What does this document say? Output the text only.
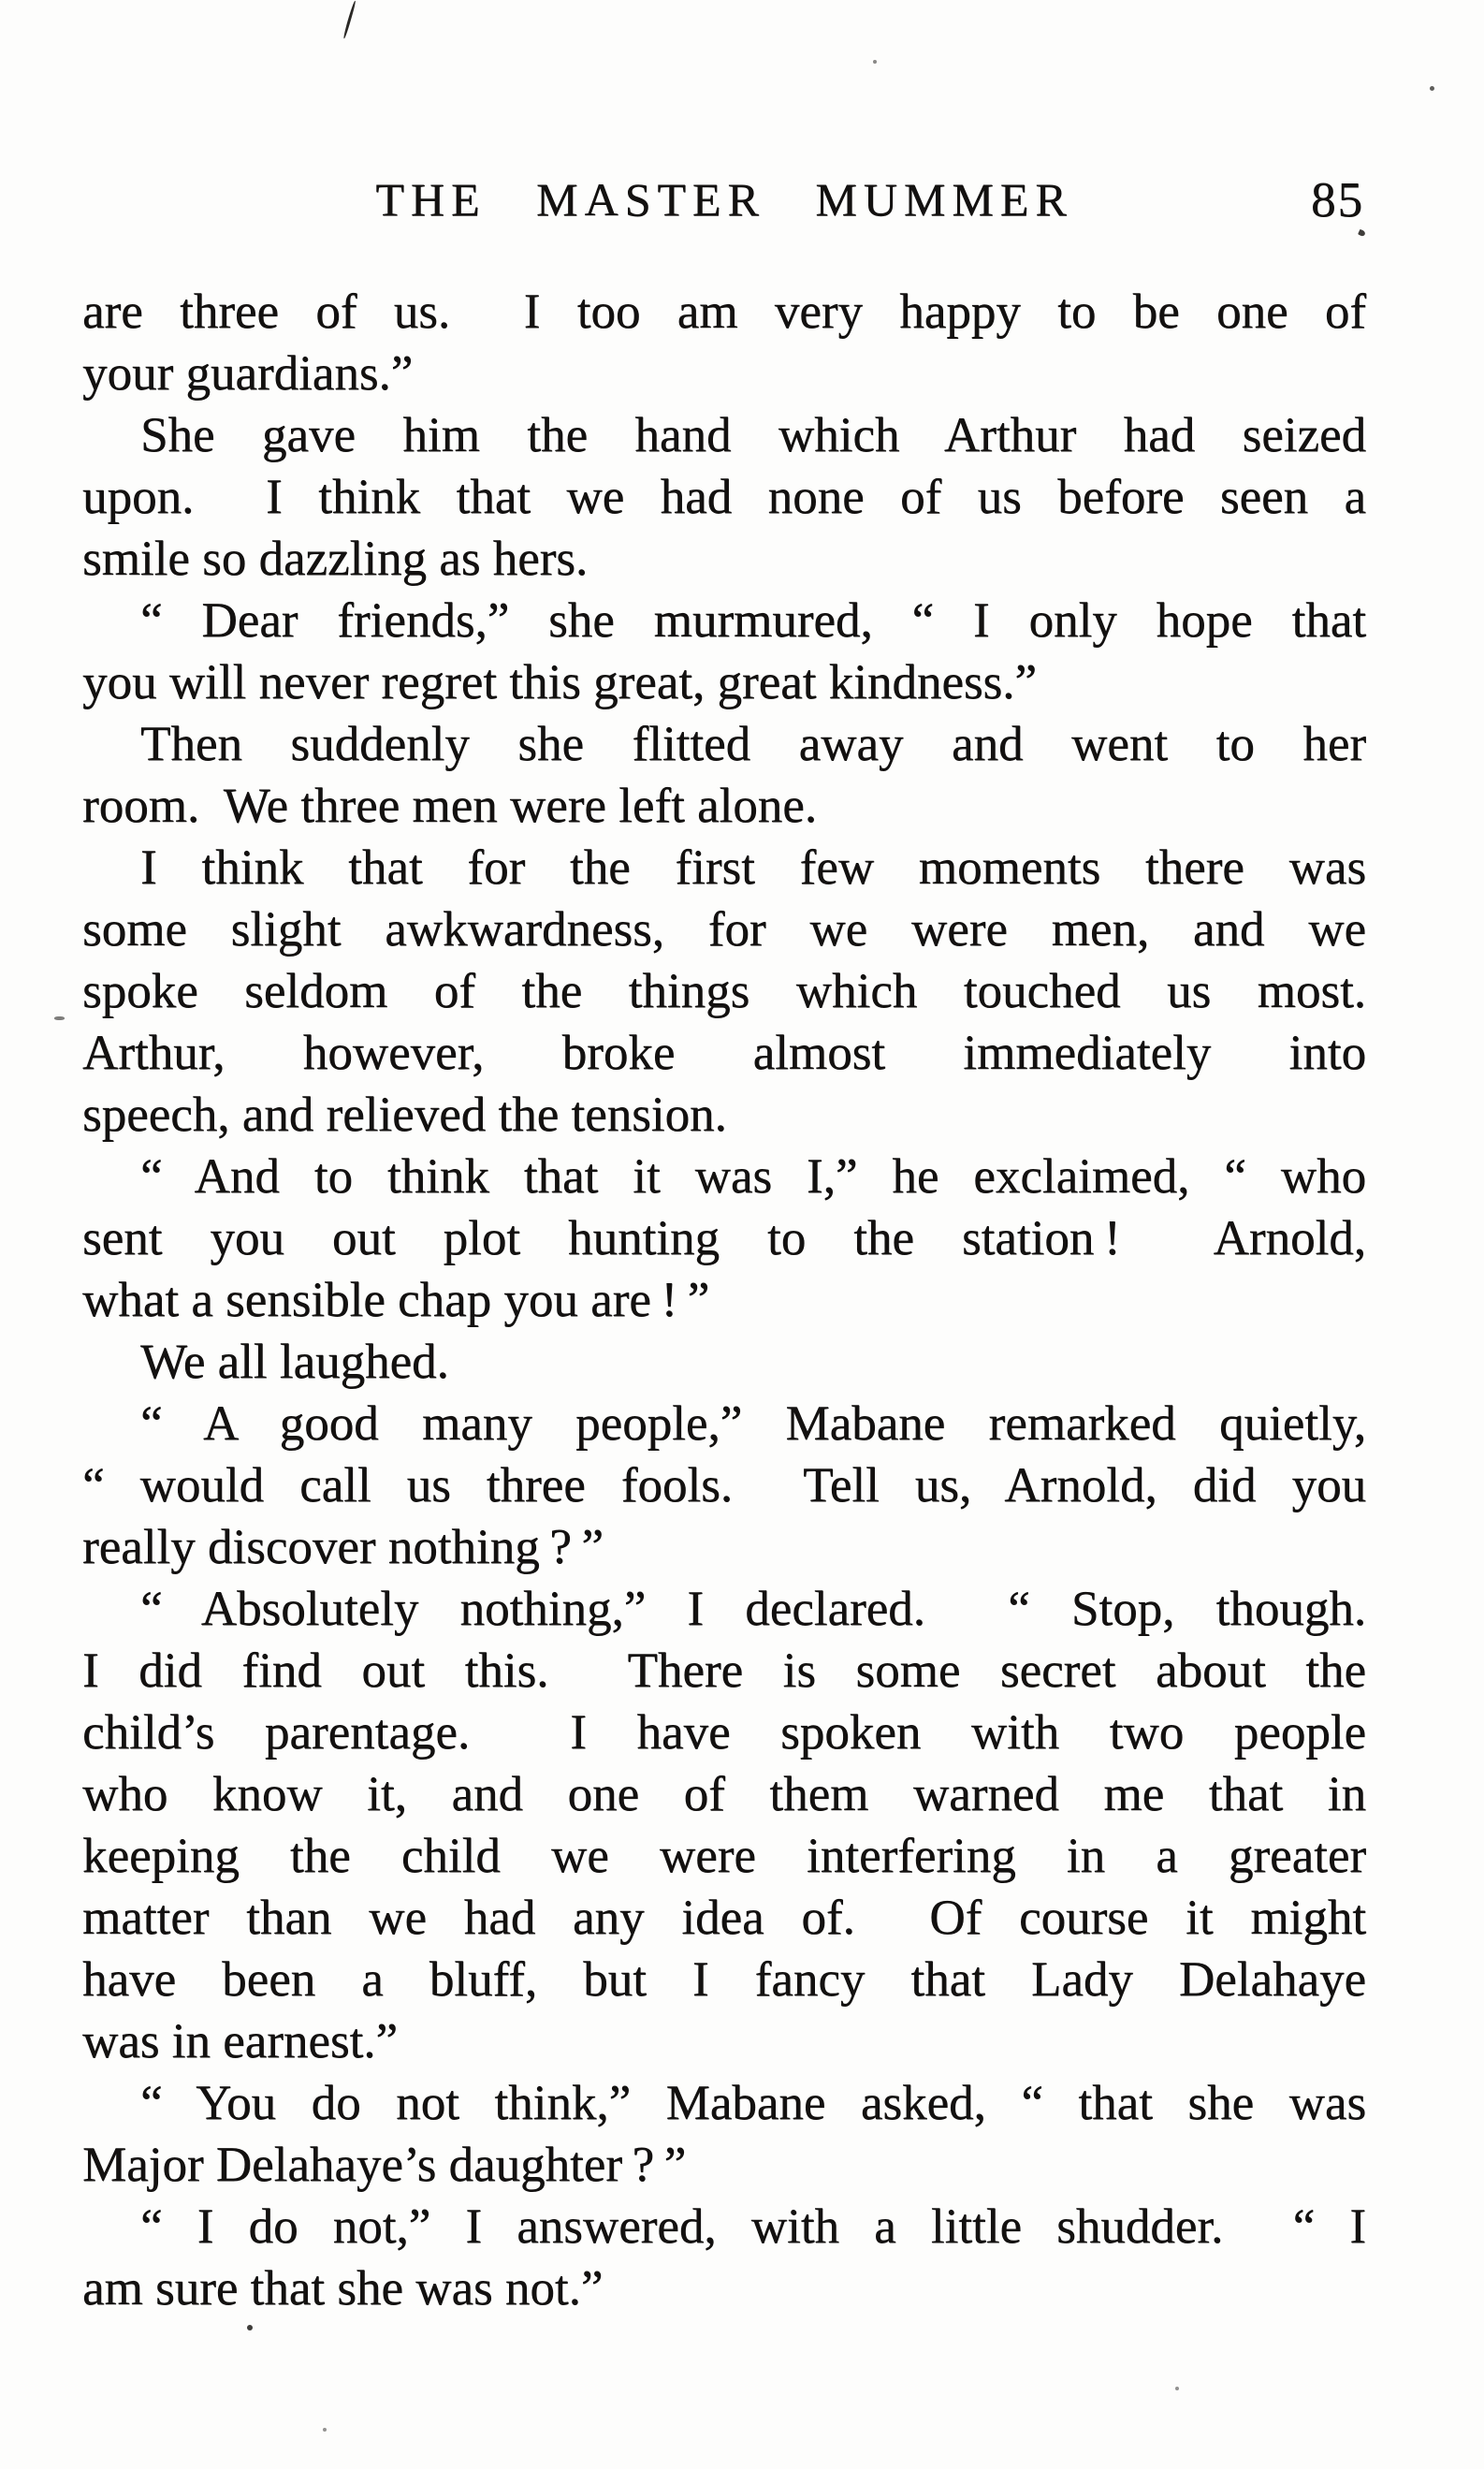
THE MASTER MUMMER	85
are three of us.  I too am very happy to be one of
your guardians.”
She gave him the hand which Arthur had seized
upon.  I think that we had none of us before seen a
smile so dazzling as hers.
“ Dear friends,” she murmured, “ I only hope that
you will never regret this great, great kindness.”
Then suddenly she flitted away and went to her
room.  We three men were left alone.
I think that for the first few moments there was
some slight awkwardness, for we were men, and we
spoke seldom of the things which touched us most.
Arthur, however, broke almost immediately into
speech, and relieved the tension.
“ And to think that it was I,” he exclaimed, “ who
sent you out plot hunting to the station !  Arnold,
what a sensible chap you are ! ”
We all laughed.
“ A good many people,” Mabane remarked quietly,
“ would call us three fools.  Tell us, Arnold, did you
really discover nothing ? ”
“ Absolutely nothing,” I declared.  “ Stop, though.
I did find out this.  There is some secret about the
child’s parentage.  I have spoken with two people
who know it, and one of them warned me that in
keeping the child we were interfering in a greater
matter than we had any idea of.  Of course it might
have been a bluff, but I fancy that Lady Delahaye
was in earnest.”
“ You do not think,” Mabane asked, “ that she was
Major Delahaye’s daughter ? ”
“ I do not,” I answered, with a little shudder.  “ I
am sure that she was not.”
